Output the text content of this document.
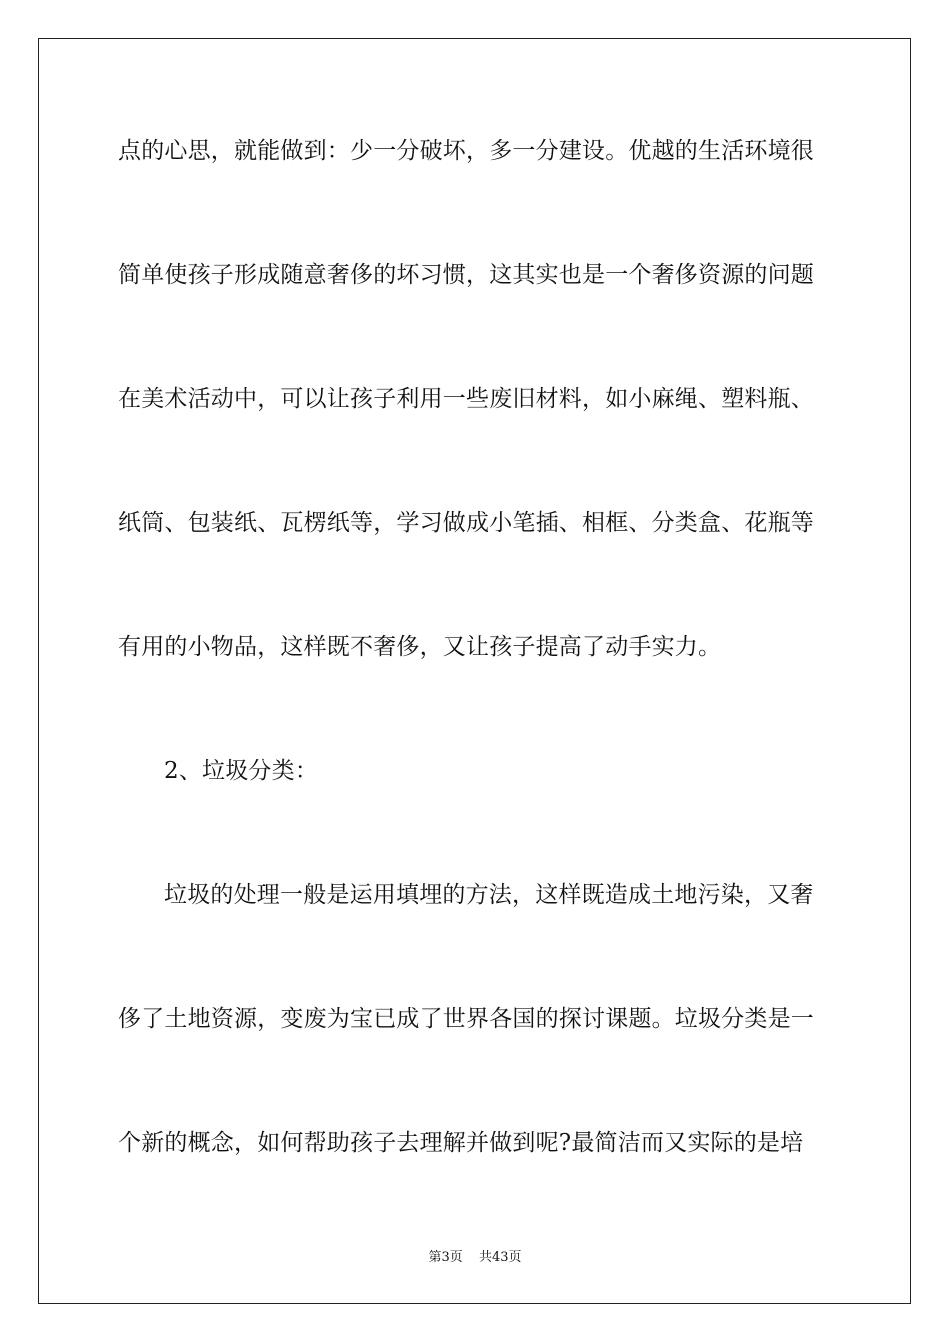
点的心思，就能做到：少一分破坏，多一分建设。优越的生活环境很
简单使孩子形成随意奢侈的坏习惯，这其实也是一个奢侈资源的问题
在美术活动中，可以让孩子利用一些废旧材料，如小麻绳、塑料瓶、
纸筒、包装纸、瓦楞纸等，学习做成小笔插、相框、分类盒、花瓶等
有用的小物品，这样既不奢侈，又让孩子提高了动手实力。
2、垃圾分类：
垃圾的处理一般是运用填埋的方法，这样既造成土地污染，又奢
侈了土地资源，变废为宝已成了世界各国的探讨课题。垃圾分类是一
个新的概念，如何帮助孩子去理解并做到呢?最简洁而又实际的是培
第3页 共43页
